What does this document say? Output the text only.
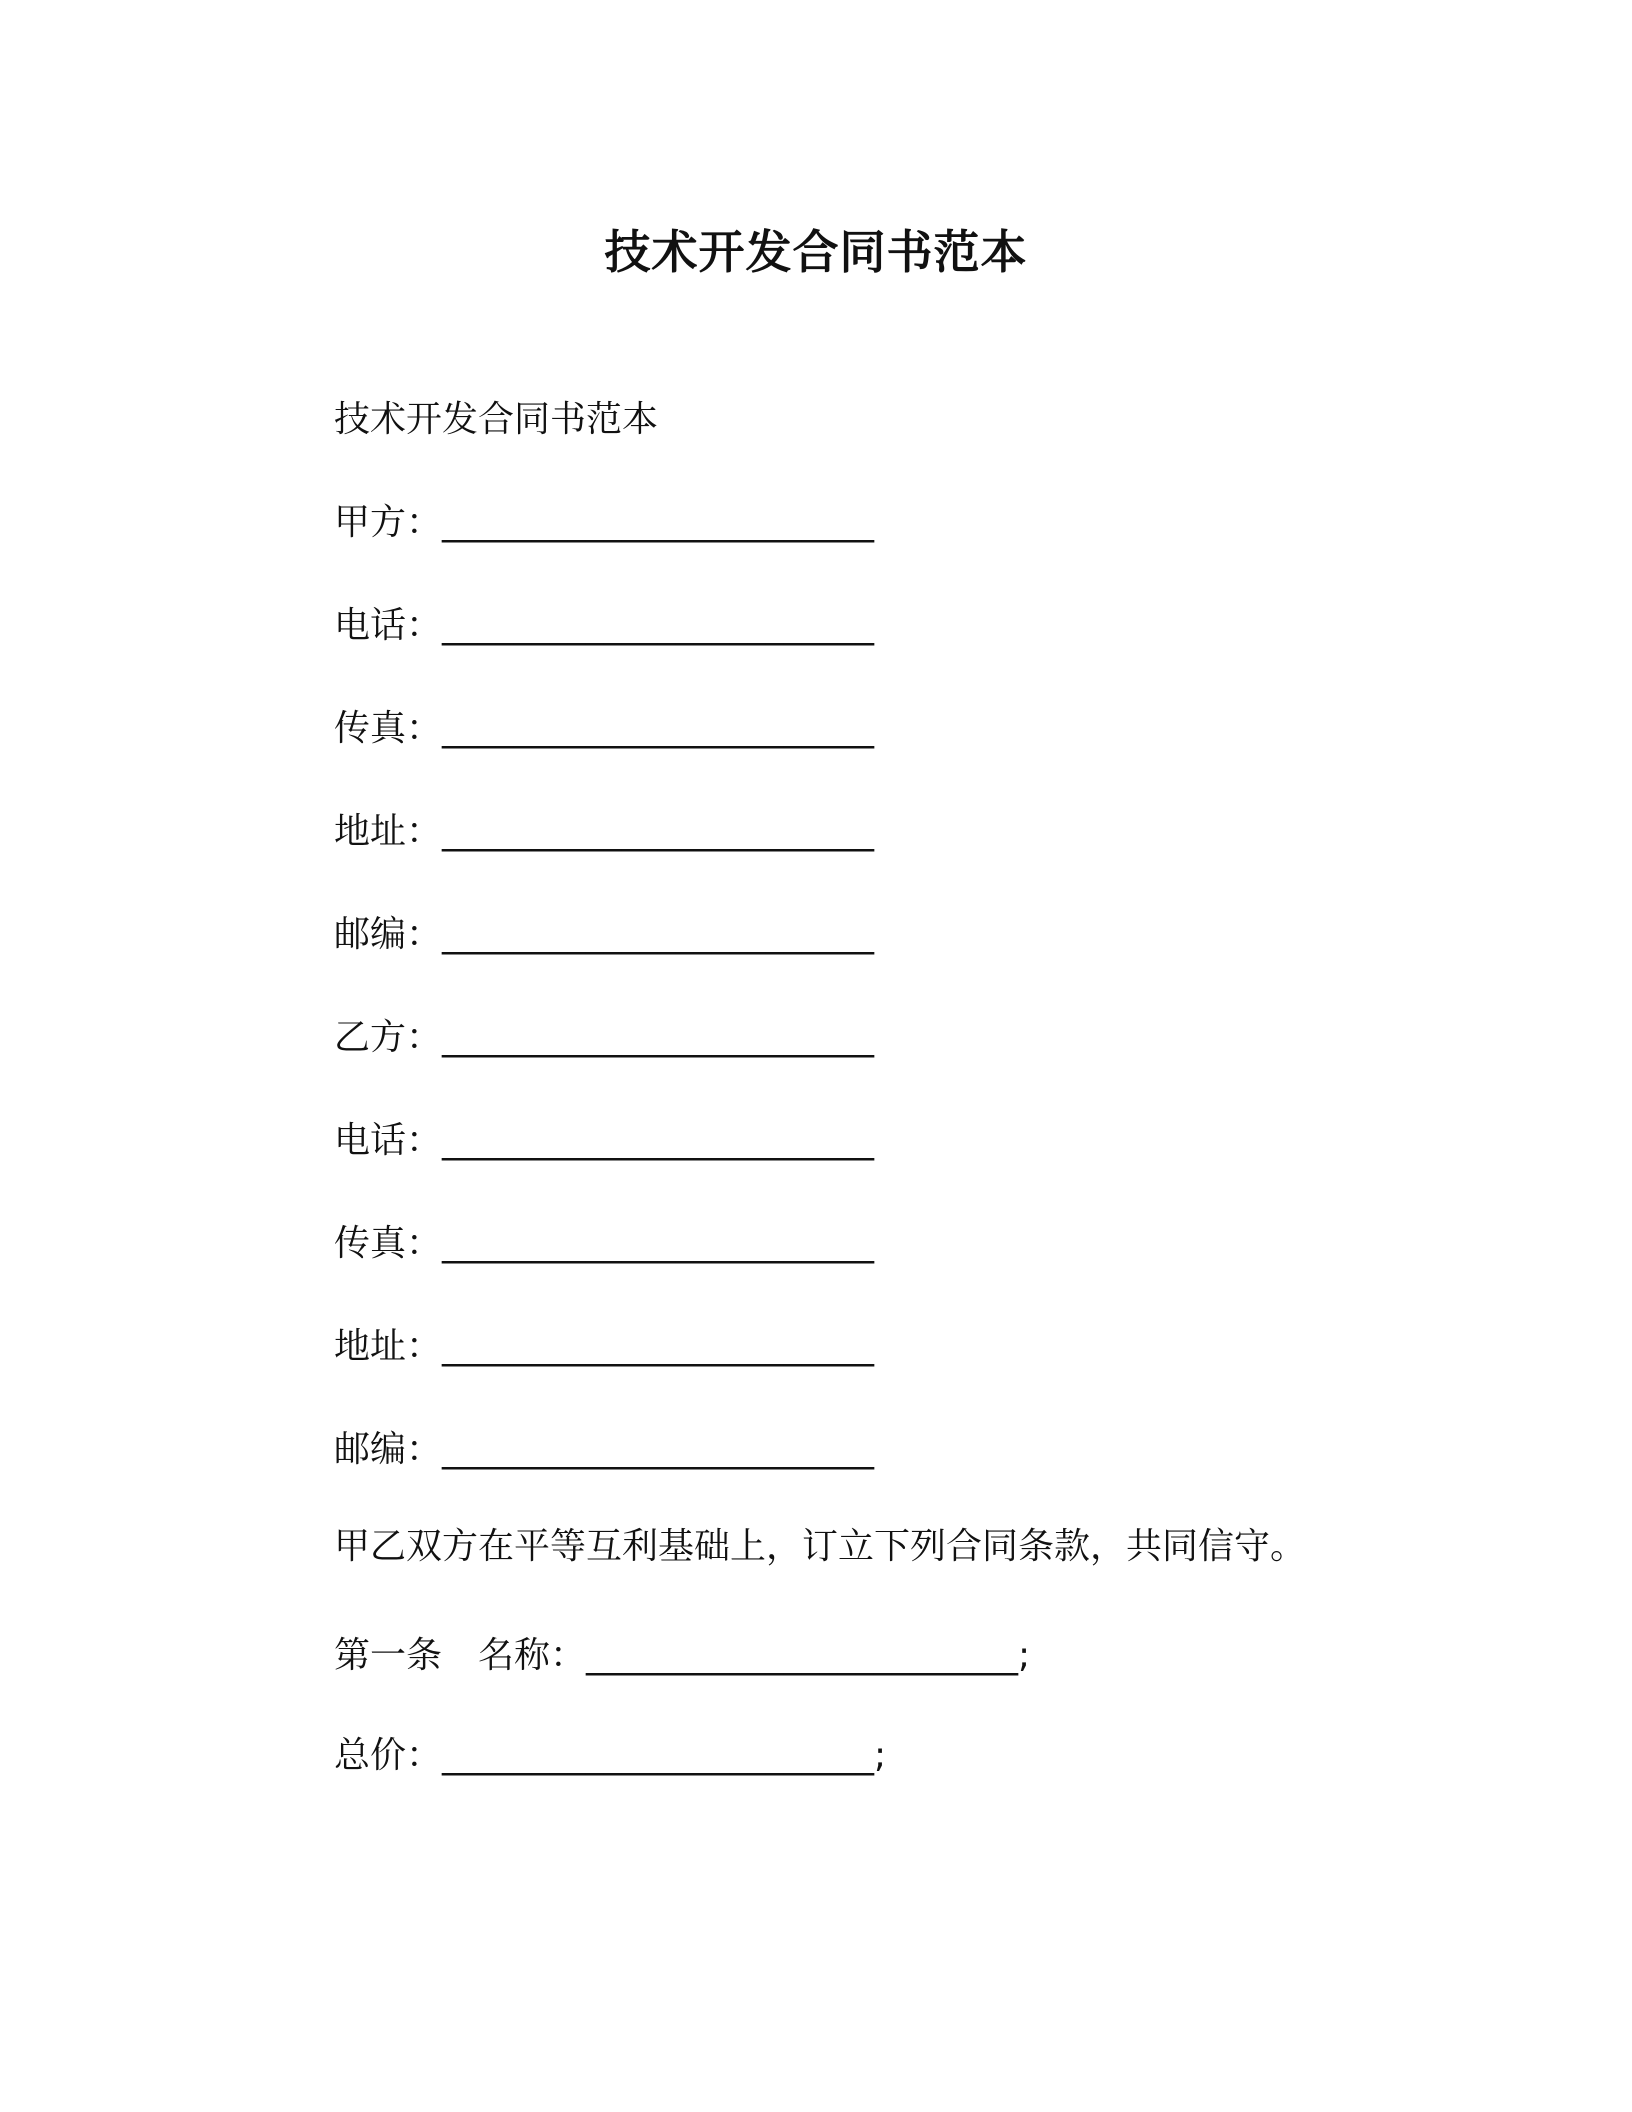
技术开发合同书范本
技术开发合同书范本
甲方：________________________
电话：________________________
传真：________________________
地址：________________________
邮编：________________________
乙方：________________________
电话：________________________
传真：________________________
地址：________________________
邮编：________________________
甲乙双方在平等互利基础上，订立下列合同条款，共同信守。
第一条　名称：________________________;
总价：________________________;
